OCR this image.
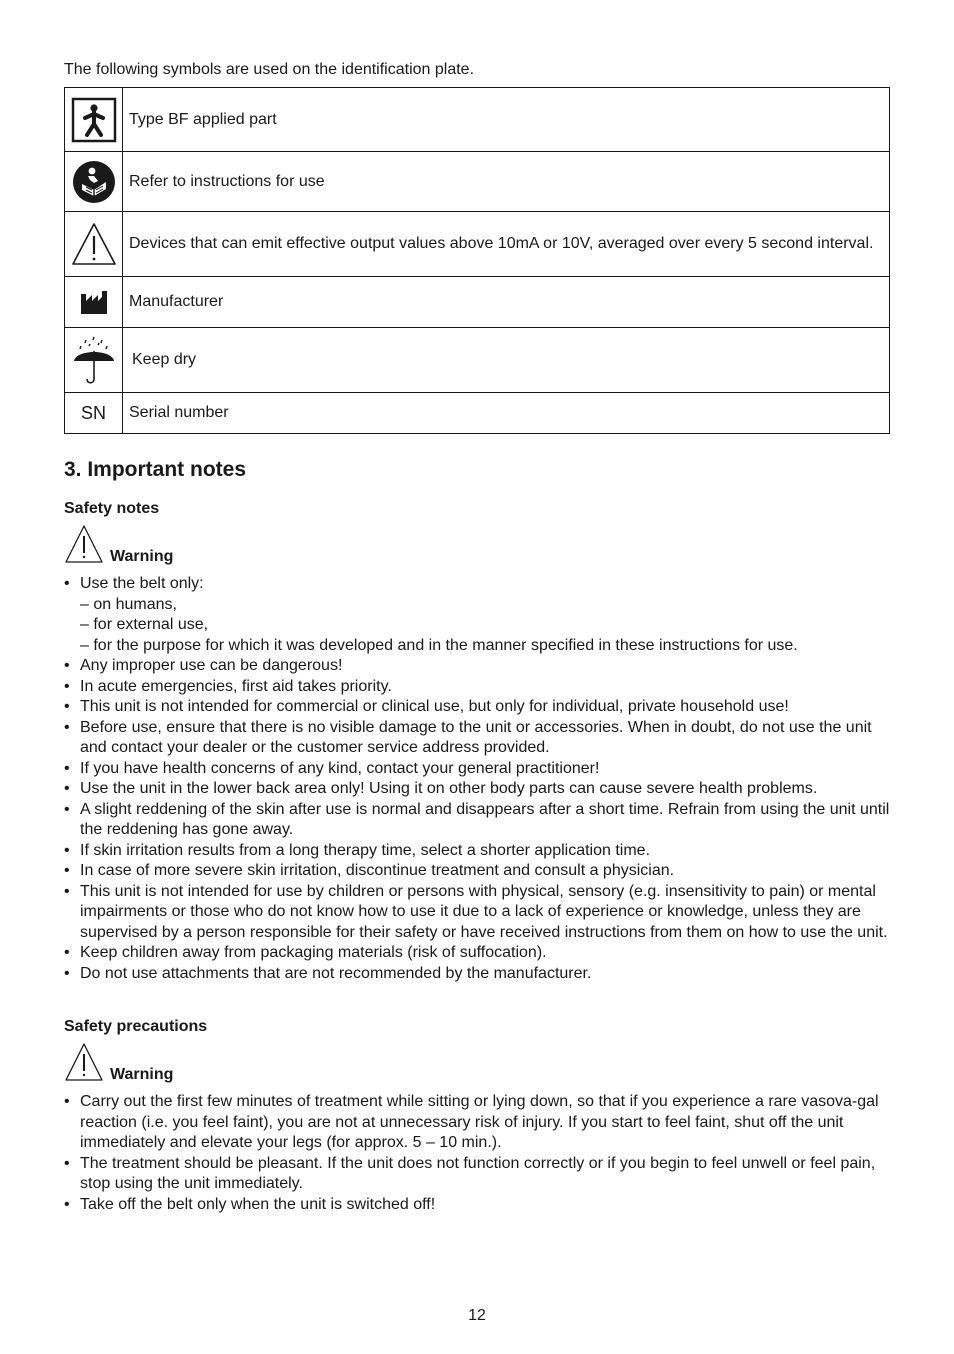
The following symbols are used on the identification plate.
	Type BF applied part

	Refer to instructions for use

	Devices that can emit effective output values above 10mA or 10V, averaged over every 5 second interval.

	Manufacturer

	Keep dry
SN	Serial number
3. Important notes
Safety notes
Warning
• Use the belt only:
– on humans,
– for external use,
– for the purpose for which it was developed and in the manner specified in these instructions for use.
• Any improper use can be dangerous!
• In acute emergencies, first aid takes priority.
• This unit is not intended for commercial or clinical use, but only for individual, private household use!
• Before use, ensure that there is no visible damage to the unit or accessories. When in doubt, do not use the unit and contact your dealer or the customer service address provided.
• If you have health concerns of any kind, contact your general practitioner!
• Use the unit in the lower back area only! Using it on other body parts can cause severe health problems.
• A slight reddening of the skin after use is normal and disappears after a short time. Refrain from using the unit until the reddening has gone away.
• If skin irritation results from a long therapy time, select a shorter application time.
• In case of more severe skin irritation, discontinue treatment and consult a physician.
• This unit is not intended for use by children or persons with physical, sensory (e.g. insensitivity to pain) or mental impairments or those who do not know how to use it due to a lack of experience or knowledge, unless they are supervised by a person responsible for their safety or have received instructions from them on how to use the unit.
• Keep children away from packaging materials (risk of suffocation).
• Do not use attachments that are not recommended by the manufacturer.
Safety precautions
Warning
• Carry out the first few minutes of treatment while sitting or lying down, so that if you experience a rare vasova-gal reaction (i.e. you feel faint), you are not at unnecessary risk of injury. If you start to feel faint, shut off the unit immediately and elevate your legs (for approx. 5 – 10 min.).
• The treatment should be pleasant. If the unit does not function correctly or if you begin to feel unwell or feel pain, stop using the unit immediately.
• Take off the belt only when the unit is switched off!
12
